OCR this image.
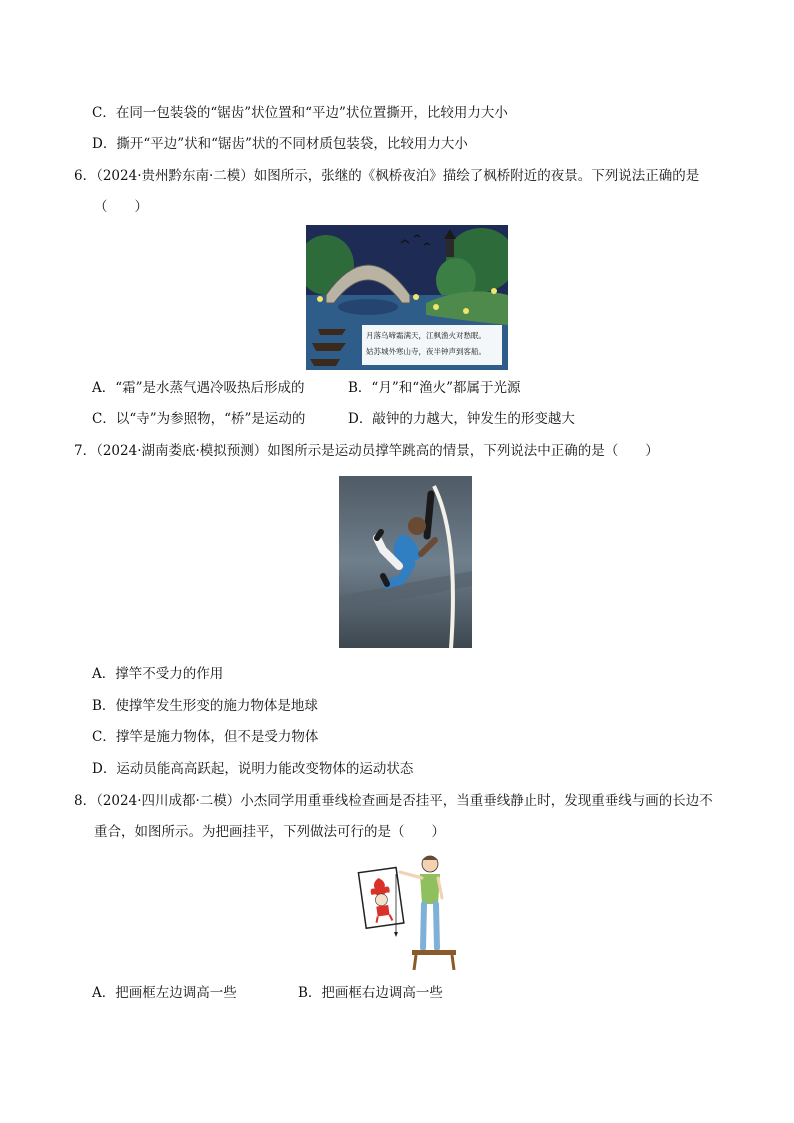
C．在同一包装袋的“锯齿”状位置和“平边”状位置撕开，比较用力大小
D．撕开“平边”状和“锯齿”状的不同材质包装袋，比较用力大小
6．（2024·贵州黔东南·二模）如图所示，张继的《枫桥夜泊》描绘了枫桥附近的夜景。下列说法正确的是
（　　）
月落乌啼霜满天，江枫渔火对愁眠。
姑苏城外寒山寺，夜半钟声到客船。
A．“霜”是水蒸气遇冷吸热后形成的	B．“月”和“渔火”都属于光源
C．以“寺”为参照物，“桥”是运动的	D．敲钟的力越大，钟发生的形变越大
7．（2024·湖南娄底·模拟预测）如图所示是运动员撑竿跳高的情景，下列说法中正确的是（　　）
A．撑竿不受力的作用
B．使撑竿发生形变的施力物体是地球
C．撑竿是施力物体，但不是受力物体
D．运动员能高高跃起，说明力能改变物体的运动状态
8．（2024·四川成都·二模）小杰同学用重垂线检查画是否挂平，当重垂线静止时，发现重垂线与画的长边不
重合，如图所示。为把画挂平，下列做法可行的是（　　）
A．把画框左边调高一些	B．把画框右边调高一些
